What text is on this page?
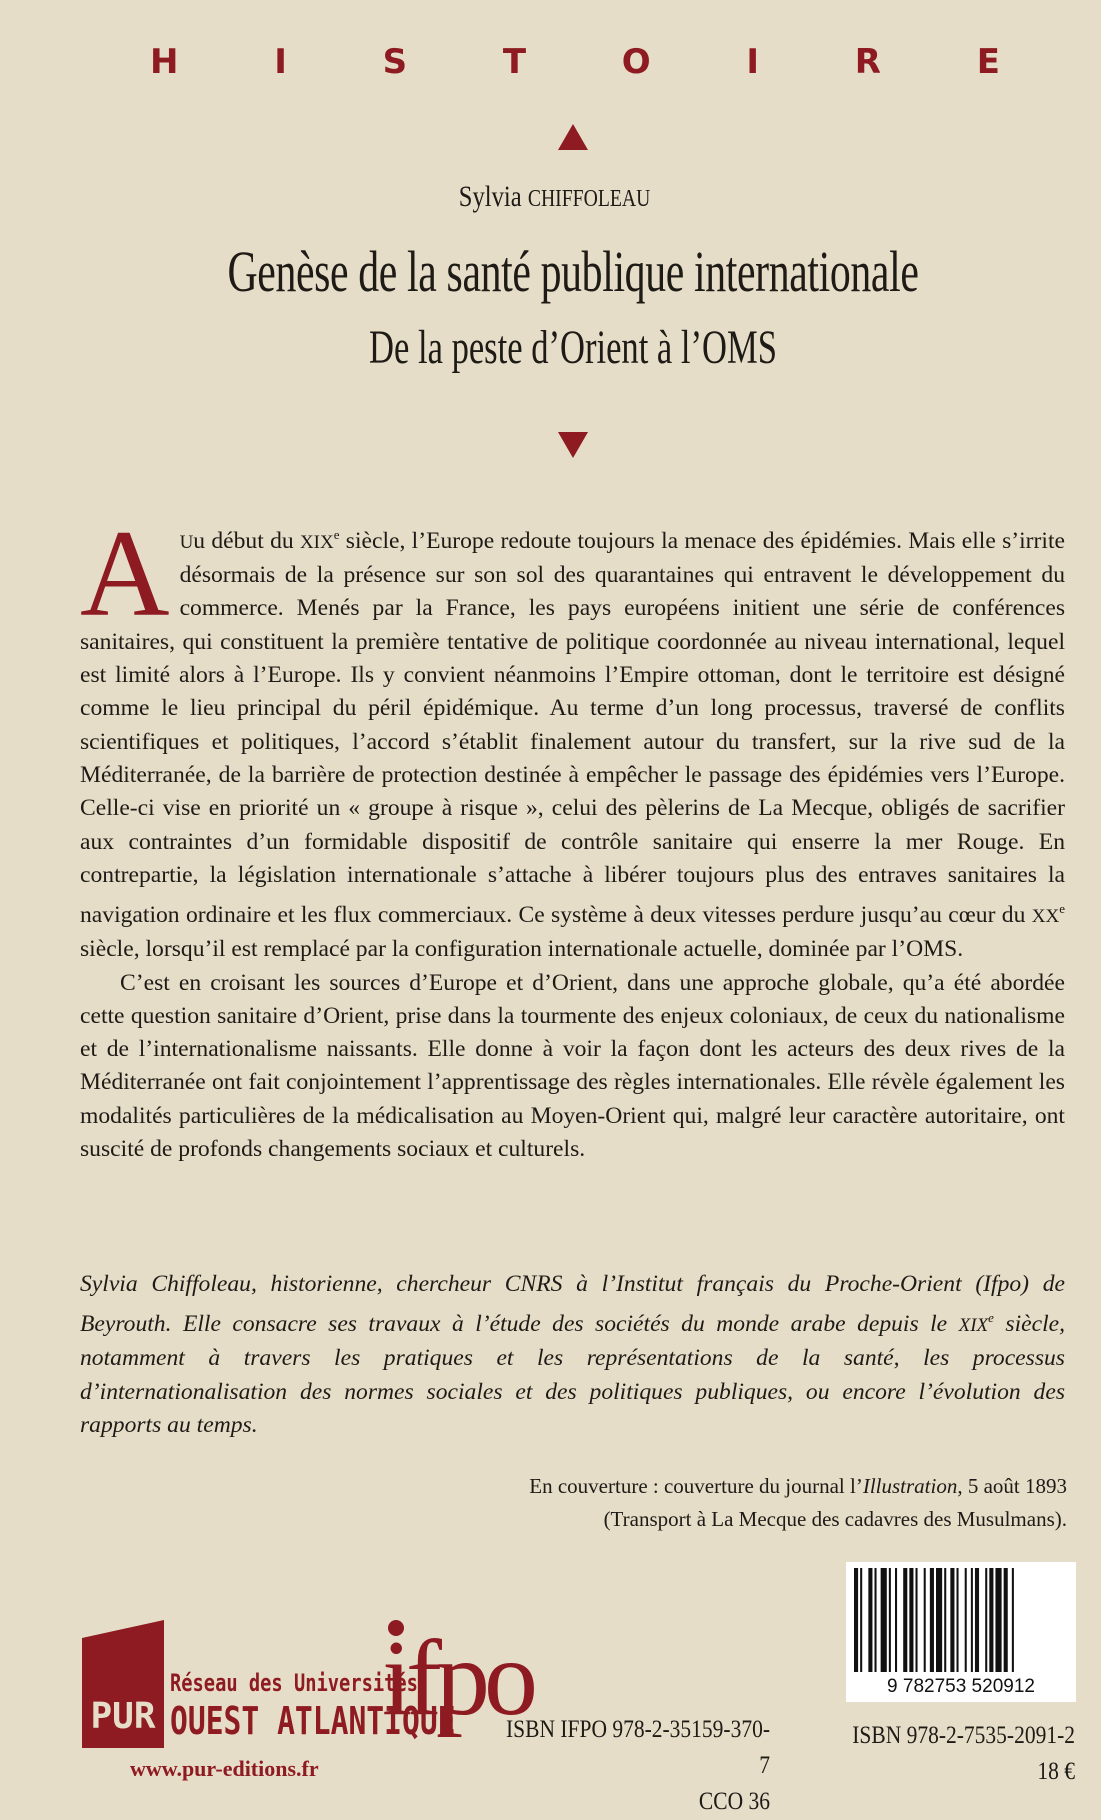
H	I	S	T	O	I	R	E
Sylvia CHIFFOLEAU
Genèse de la santé publique internationale
De la peste d’Orient à l’OMS

A Uu début du XIXe siècle, l’Europe redoute toujours la menace des épidémies. Mais elle s’irrite désormais de la présence sur son sol des quarantaines qui entravent le développement du commerce. Menés par la France, les pays européens initient une série de conférences sanitaires, qui constituent la première tentative de politique coordonnée au niveau international, lequel est limité alors à l’Europe. Ils y convient néanmoins l’Empire ottoman, dont le territoire est désigné comme le lieu principal du péril épidémique. Au terme d’un long processus, traversé de conflits scientifiques et politiques, l’accord s’établit finalement autour du transfert, sur la rive sud de la Méditerranée, de la barrière de protection destinée à empêcher le passage des épidémies vers l’Europe. Celle-ci vise en priorité un « groupe à risque », celui des pèlerins de La Mecque, obligés de sacrifier aux contraintes d’un formidable dispositif de contrôle sanitaire qui enserre la mer Rouge. En contrepartie, la législation internationale s’attache à libérer toujours plus des entraves sanitaires la navigation ordinaire et les flux commerciaux. Ce système à deux vitesses perdure jusqu’au cœur du XXe siècle, lorsqu’il est remplacé par la configuration internationale actuelle, dominée par l’OMS.

C’est en croisant les sources d’Europe et d’Orient, dans une approche globale, qu’a été abordée cette question sanitaire d’Orient, prise dans la tourmente des enjeux coloniaux, de ceux du nationalisme et de l’internationalisme naissants. Elle donne à voir la façon dont les acteurs des deux rives de la Méditerranée ont fait conjointement l’apprentissage des règles internationales. Elle révèle également les modalités particulières de la médicalisation au Moyen-Orient qui, malgré leur caractère autoritaire, ont suscité de profonds changements sociaux et culturels.

Sylvia Chiffoleau, historienne, chercheur CNRS à l’Institut français du Proche-Orient (Ifpo) de Beyrouth. Elle consacre ses travaux à l’étude des sociétés du monde arabe depuis le XIXe siècle, notamment à travers les pratiques et les représentations de la santé, les processus d’internationalisation des normes sociales et des politiques publiques, ou encore l’évolution des rapports au temps.

En couverture : couverture du journal l’Illustration, 5 août 1893

(Transport à La Mecque des cadavres des Musulmans).

PUR
Réseau des Universités
OUEST ATLANTIQUE
www.pur-editions.fr
ifpo

ISBN IFPO 978-2-35159-370-7

CCO 36

9 782753 520912

ISBN 978-2-7535-2091-2

18 €
